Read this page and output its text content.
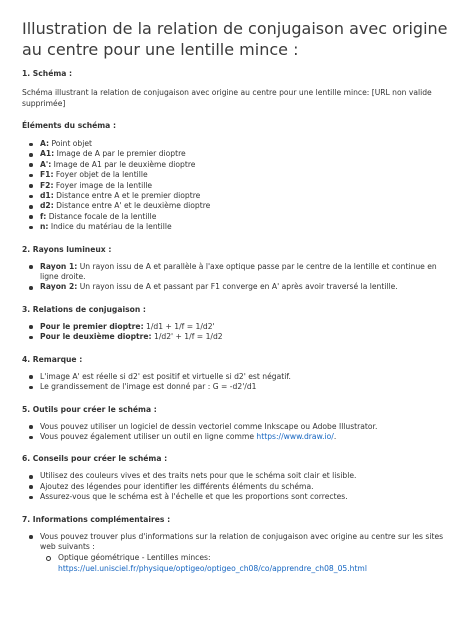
Illustration de la relation de conjugaison avec origine au centre pour une lentille mince :
1. Schéma :

Schéma illustrant la relation de conjugaison avec origine au centre pour une lentille mince: [URL non valide supprimée]

Éléments du schéma :
A: Point objet
A1: Image de A par le premier dioptre
A': Image de A1 par le deuxième dioptre
F1: Foyer objet de la lentille
F2: Foyer image de la lentille
d1: Distance entre A et le premier dioptre
d2: Distance entre A' et le deuxième dioptre
f: Distance focale de la lentille
n: Indice du matériau de la lentille
2. Rayons lumineux :
Rayon 1: Un rayon issu de A et parallèle à l'axe optique passe par le centre de la lentille et continue en ligne droite.
Rayon 2: Un rayon issu de A et passant par F1 converge en A' après avoir traversé la lentille.
3. Relations de conjugaison :
Pour le premier dioptre: 1/d1 + 1/f = 1/d2'
Pour le deuxième dioptre: 1/d2' + 1/f = 1/d2
4. Remarque :
L'image A' est réelle si d2' est positif et virtuelle si d2' est négatif.
Le grandissement de l'image est donné par : G = -d2'/d1
5. Outils pour créer le schéma :
Vous pouvez utiliser un logiciel de dessin vectoriel comme Inkscape ou Adobe Illustrator.
Vous pouvez également utiliser un outil en ligne comme https://www.draw.io/.
6. Conseils pour créer le schéma :
Utilisez des couleurs vives et des traits nets pour que le schéma soit clair et lisible.
Ajoutez des légendes pour identifier les différents éléments du schéma.
Assurez-vous que le schéma est à l'échelle et que les proportions sont correctes.
7. Informations complémentaires :
Vous pouvez trouver plus d'informations sur la relation de conjugaison avec origine au centre sur les sites web suivants :
Optique géométrique - Lentilles minces:
https://uel.unisciel.fr/physique/optigeo/optigeo_ch08/co/apprendre_ch08_05.html
